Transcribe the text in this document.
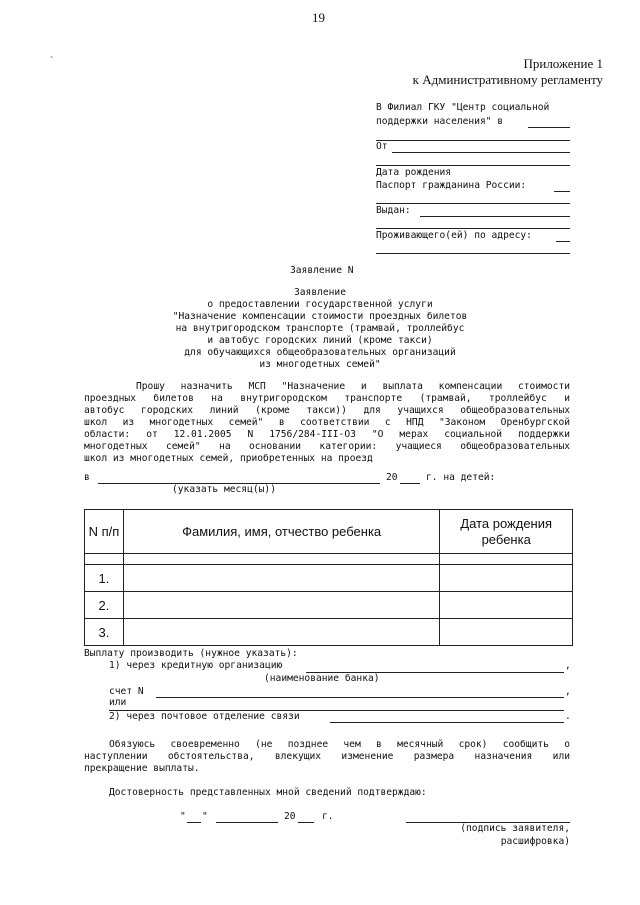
19
ˋ	Приложение 1
к Административному регламенту
В Филиал ГКУ "Центр социальной
поддержки населения" в
От
Дата рождения
Паспорт гражданина России:
Выдан:
Проживающего(ей) по адресу:
Заявление N
Заявление
о предоставлении государственной услуги
"Назначение компенсации стоимости проездных билетов
на внутригородском транспорте (трамвай, троллейбус
и автобус городских линий (кроме такси)
для обучающихся общеобразовательных организаций
из многодетных семей"
Прошу назначить МСП "Назначение и выплата компенсации стоимости
проездных билетов на внутригородском транспорте (трамвай, троллейбус и
автобус городских линий (кроме такси)) для учащихся общеобразовательных
школ из многодетных семей" в соответствии с НПД "Законом Оренбургской
области: от 12.01.2005 N 1756/284-III-ОЗ "О мерах социальной поддержки
многодетных семей" на основании категории: учащиеся общеобразовательных
школ из многодетных семей, приобретенных на проезд
в	20	г. на детей:
(указать месяц(ы))
N п/п	Фамилия, имя, отчество ребенка	Дата рождения ребенка

1.		
2.		
3.		
Выплату производить (нужное указать):
1) через кредитную организацию	,
(наименование банка)
счет N	,
или
2) через почтовое отделение связи	.
Обязуюсь своевременно (не позднее чем в месячный срок) сообщить о
наступлении обстоятельства, влекущих изменение размера назначения или
прекращение выплаты.
Достоверность представленных мной сведений подтверждаю:
" "	20	г.
(подпись заявителя,
расшифровка)
